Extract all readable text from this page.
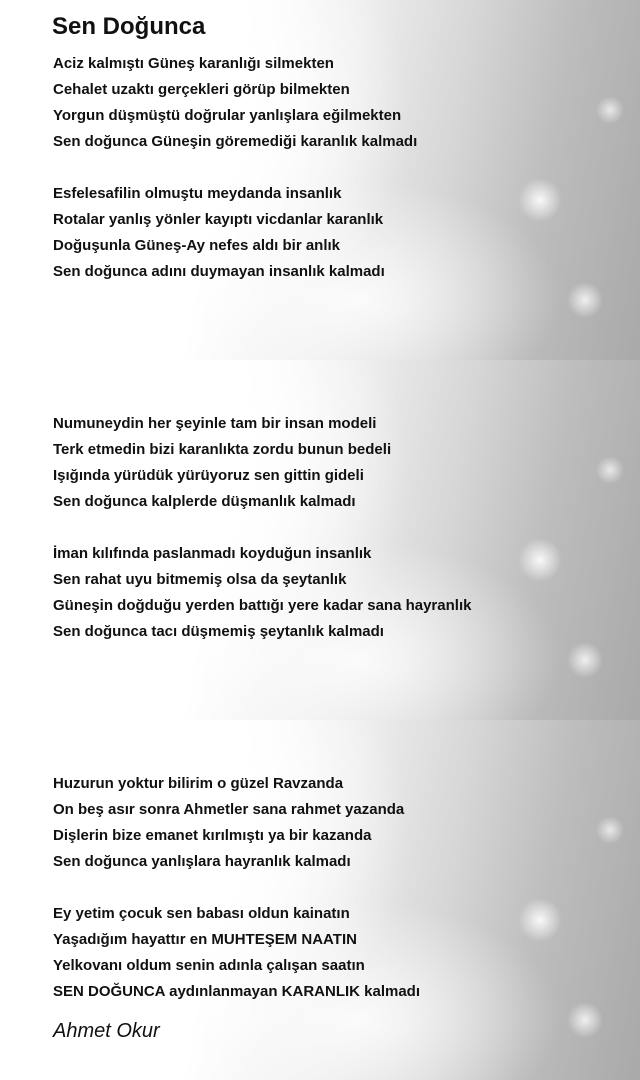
Sen Doğunca
Aciz kalmıştı Güneş karanlığı silmekten
Cehalet uzaktı gerçekleri görüp bilmekten
Yorgun düşmüştü doğrular yanlışlara eğilmekten
Sen doğunca Güneşin göremediği karanlık kalmadı
Esfelesafilin olmuştu meydanda insanlık
Rotalar yanlış yönler kayıptı vicdanlar karanlık
Doğuşunla Güneş-Ay nefes aldı bir anlık
Sen doğunca adını duymayan insanlık kalmadı
Numuneydin her şeyinle tam bir insan modeli
Terk etmedin bizi karanlıkta zordu bunun bedeli
Işığında yürüdük yürüyoruz sen gittin gideli
Sen doğunca kalplerde düşmanlık kalmadı
İman kılıfında paslanmadı koyduğun insanlık
Sen rahat uyu bitmemiş olsa da şeytanlık
Güneşin doğduğu yerden battığı yere kadar sana hayranlık
Sen doğunca tacı düşmemiş şeytanlık kalmadı
Huzurun yoktur bilirim o güzel Ravzanda
On beş asır sonra Ahmetler sana rahmet yazanda
Dişlerin bize emanet kırılmıştı ya bir kazanda
Sen doğunca yanlışlara hayranlık kalmadı
Ey yetim çocuk sen babası oldun kainatın
Yaşadığım hayattır en MUHTEŞEM NAATIN
Yelkovanı oldum senin adınla çalışan saatın
SEN DOĞUNCA aydınlanmayan KARANLIK kalmadı

Ahmet Okur
